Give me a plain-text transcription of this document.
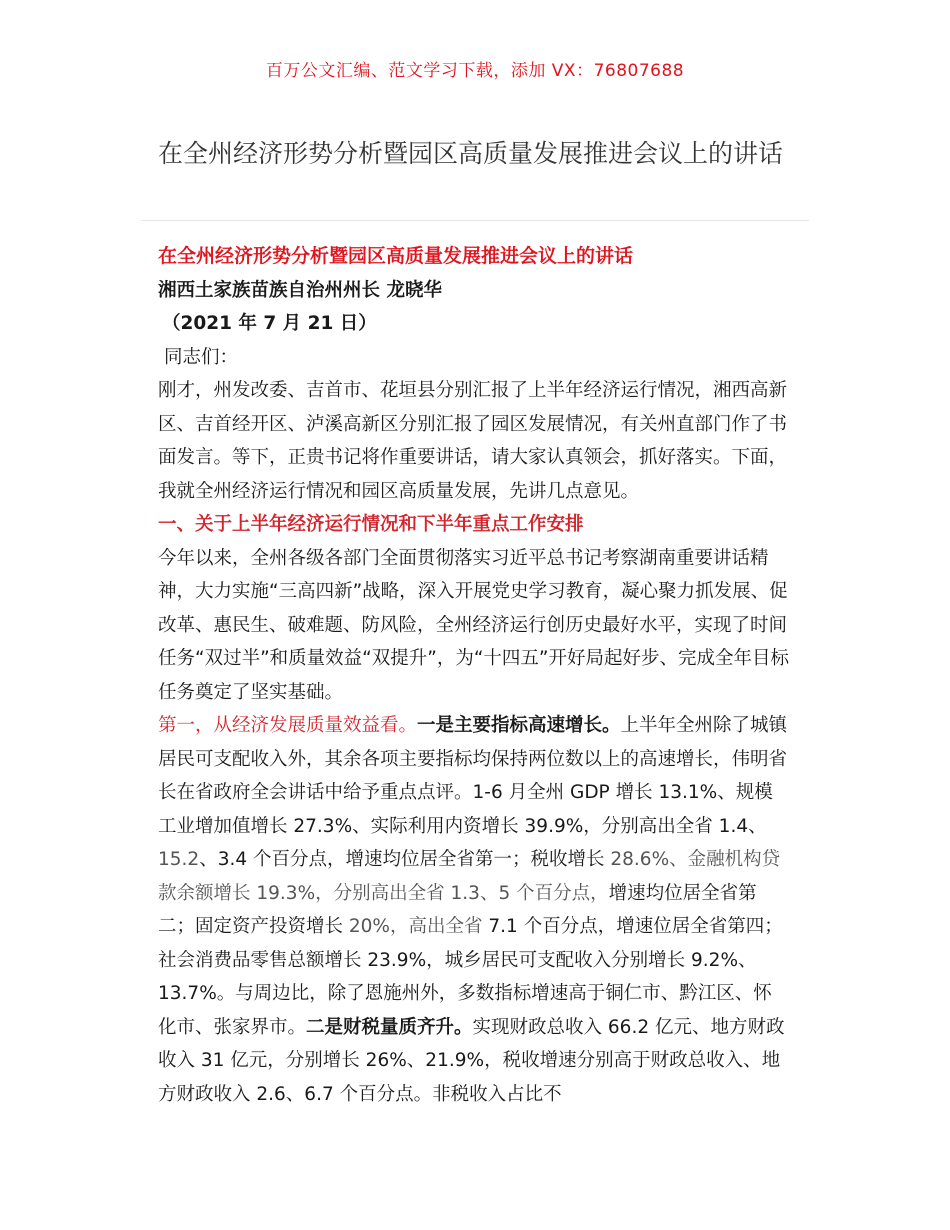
百万公文汇编、范文学习下载，添加 VX：76807688
在全州经济形势分析暨园区高质量发展推进会议上的讲话

在全州经济形势分析暨园区高质量发展推进会议上的讲话

湘西土家族苗族自治州州长 龙晓华

（2021 年 7 月 21 日）

同志们：

刚才，州发改委、吉首市、花垣县分别汇报了上半年经济运行情况，湘西高新区、吉首经开区、泸溪高新区分别汇报了园区发展情况，有关州直部门作了书面发言。等下，正贵书记将作重要讲话，请大家认真领会，抓好落实。下面，我就全州经济运行情况和园区高质量发展，先讲几点意见。

一、关于上半年经济运行情况和下半年重点工作安排

今年以来，全州各级各部门全面贯彻落实习近平总书记考察湖南重要讲话精神，大力实施“三高四新”战略，深入开展党史学习教育，凝心聚力抓发展、促改革、惠民生、破难题、防风险，全州经济运行创历史最好水平，实现了时间任务“双过半”和质量效益“双提升”，为“十四五”开好局起好步、完成全年目标任务奠定了坚实基础。

第一，从经济发展质量效益看。一是主要指标高速增长。上半年全州除了城镇居民可支配收入外，其余各项主要指标均保持两位数以上的高速增长，伟明省长在省政府全会讲话中给予重点点评。1-6 月全州 GDP 增长 13.1%、规模工业增加值增长 27.3%、实际利用内资增长 39.9%，分别高出全省 1.4、15.2、3.4 个百分点，增速均位居全省第一；税收增长 28.6%、金融机构贷款余额增长 19.3%，分别高出全省 1.3、5 个百分点，增速均位居全省第二；固定资产投资增长 20%，高出全省 7.1 个百分点，增速位居全省第四；社会消费品零售总额增长 23.9%，城乡居民可支配收入分别增长 9.2%、13.7%。与周边比，除了恩施州外，多数指标增速高于铜仁市、黔江区、怀化市、张家界市。二是财税量质齐升。实现财政总收入 66.2 亿元、地方财政收入 31 亿元，分别增长 26%、21.9%，税收增速分别高于财政总收入、地方财政收入 2.6、6.7 个百分点。非税收入占比不
